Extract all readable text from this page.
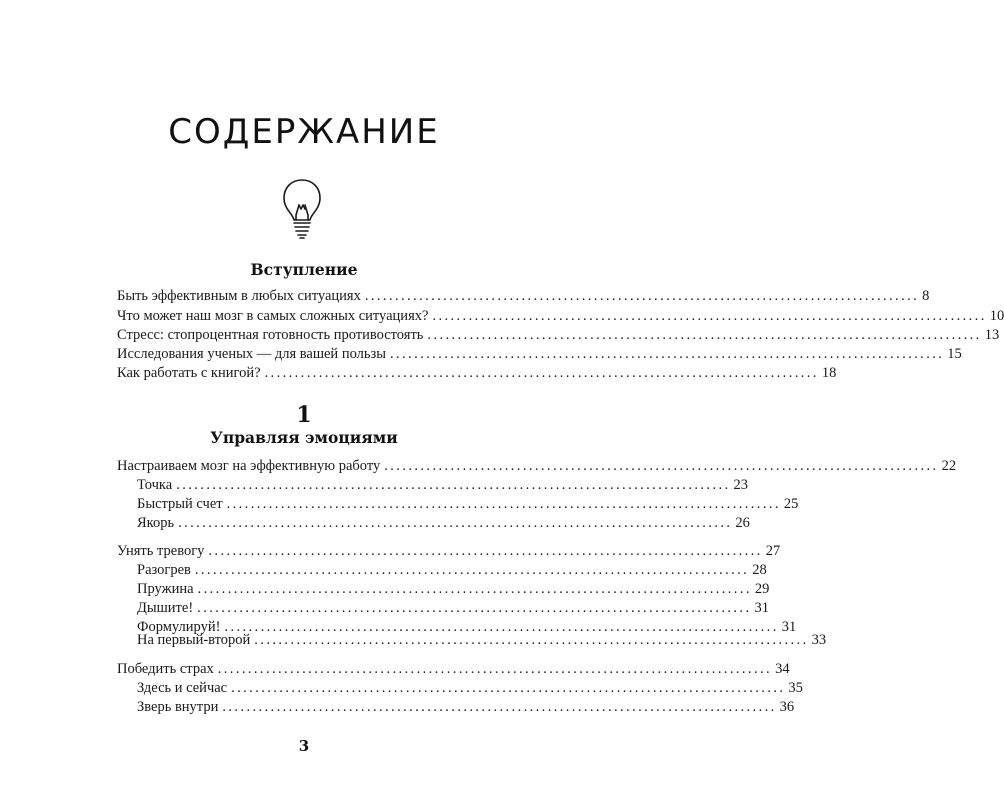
СОДЕРЖАНИЕ
Вступление
Быть эффективным в любых ситуациях ............................................................................................ 8
Что может наш мозг в самых сложных ситуациях? ............................................................................................ 10
Стресс: стопроцентная готовность противостоять ............................................................................................ 13
Исследования ученых — для вашей пользы ............................................................................................ 15
Как работать с книгой? ............................................................................................ 18
1
Управляя эмоциями
Настраиваем мозг на эффективную работу ............................................................................................ 22
Точка ............................................................................................ 23
Быстрый счет ............................................................................................ 25
Якорь ............................................................................................ 26
Унять тревогу ............................................................................................ 27
Разогрев ............................................................................................ 28
Пружина ............................................................................................ 29
Дышите! ............................................................................................ 31
Формулируй! ............................................................................................ 31
На первый-второй ............................................................................................ 33
Победить страх ............................................................................................ 34
Здесь и сейчас ............................................................................................ 35
Зверь внутри ............................................................................................ 36
3
